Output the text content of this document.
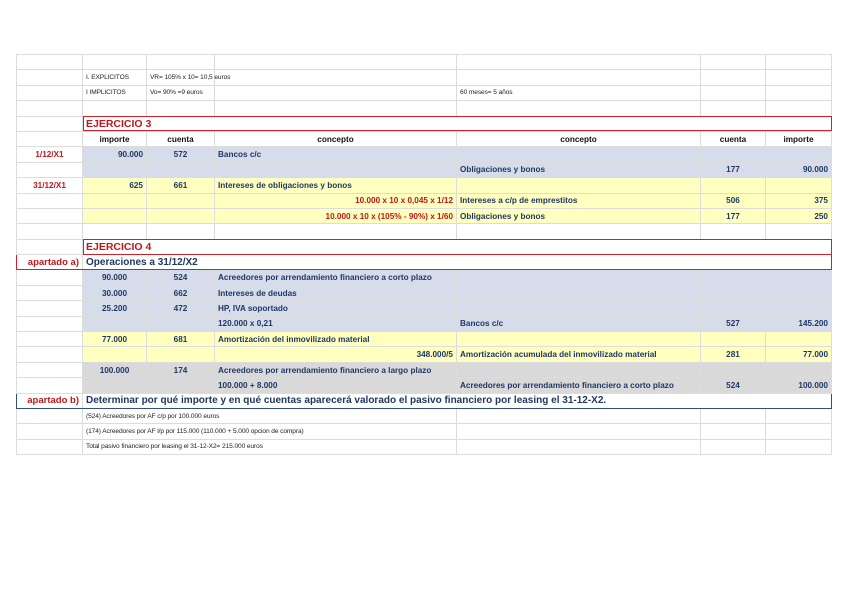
	I. EXPLICITOS	VR= 105% x 10= 10,5 euros				
	I IMPLICITOS	Vo= 90% =9 euros		60 meses= 5 años		

	EJERCICIO 3					
	importe	cuenta	concepto	concepto	cuenta	importe
1/12/X1	90.000	572	Bancos c/c			
				Obligaciones y bonos	177	90.000
31/12/X1	625	661	Intereses de obligaciones y bonos			
			10.000 x 10 x 0,045 x 1/12	Intereses a c/p de emprestitos	506	375
			10.000 x 10 x (105% - 90%) x 1/60	Obligaciones y bonos	177	250

	EJERCICIO 4					
apartado a)	Operaciones a 31/12/X2					
	90.000	524	Acreedores por arrendamiento financiero a corto plazo			
	30.000	662	Intereses de deudas			
	25.200	472	HP, IVA soportado			
			120.000 x 0,21	Bancos c/c	527	145.200
	77.000	681	Amortización del inmovilizado material			
			348.000/5	Amortización acumulada del inmovilizado material	281	77.000
	100.000	174	Acreedores por arrendamiento financiero a largo plazo			
			100.000 + 8.000	Acreedores por arrendamiento financiero a corto plazo	524	100.000
apartado b)	Determinar por qué importe y en qué cuentas aparecerá valorado el pasivo financiero por leasing el 31-12-X2.					
	(524) Acreedores por AF c/p por 100.000 euros					
	(174) Acreedores por AF l/p por 115.000 (110.000 + 5.000 opcion de compra)					
	Total pasivo financiero por leasing el 31-12-X2= 215.000 euros					
